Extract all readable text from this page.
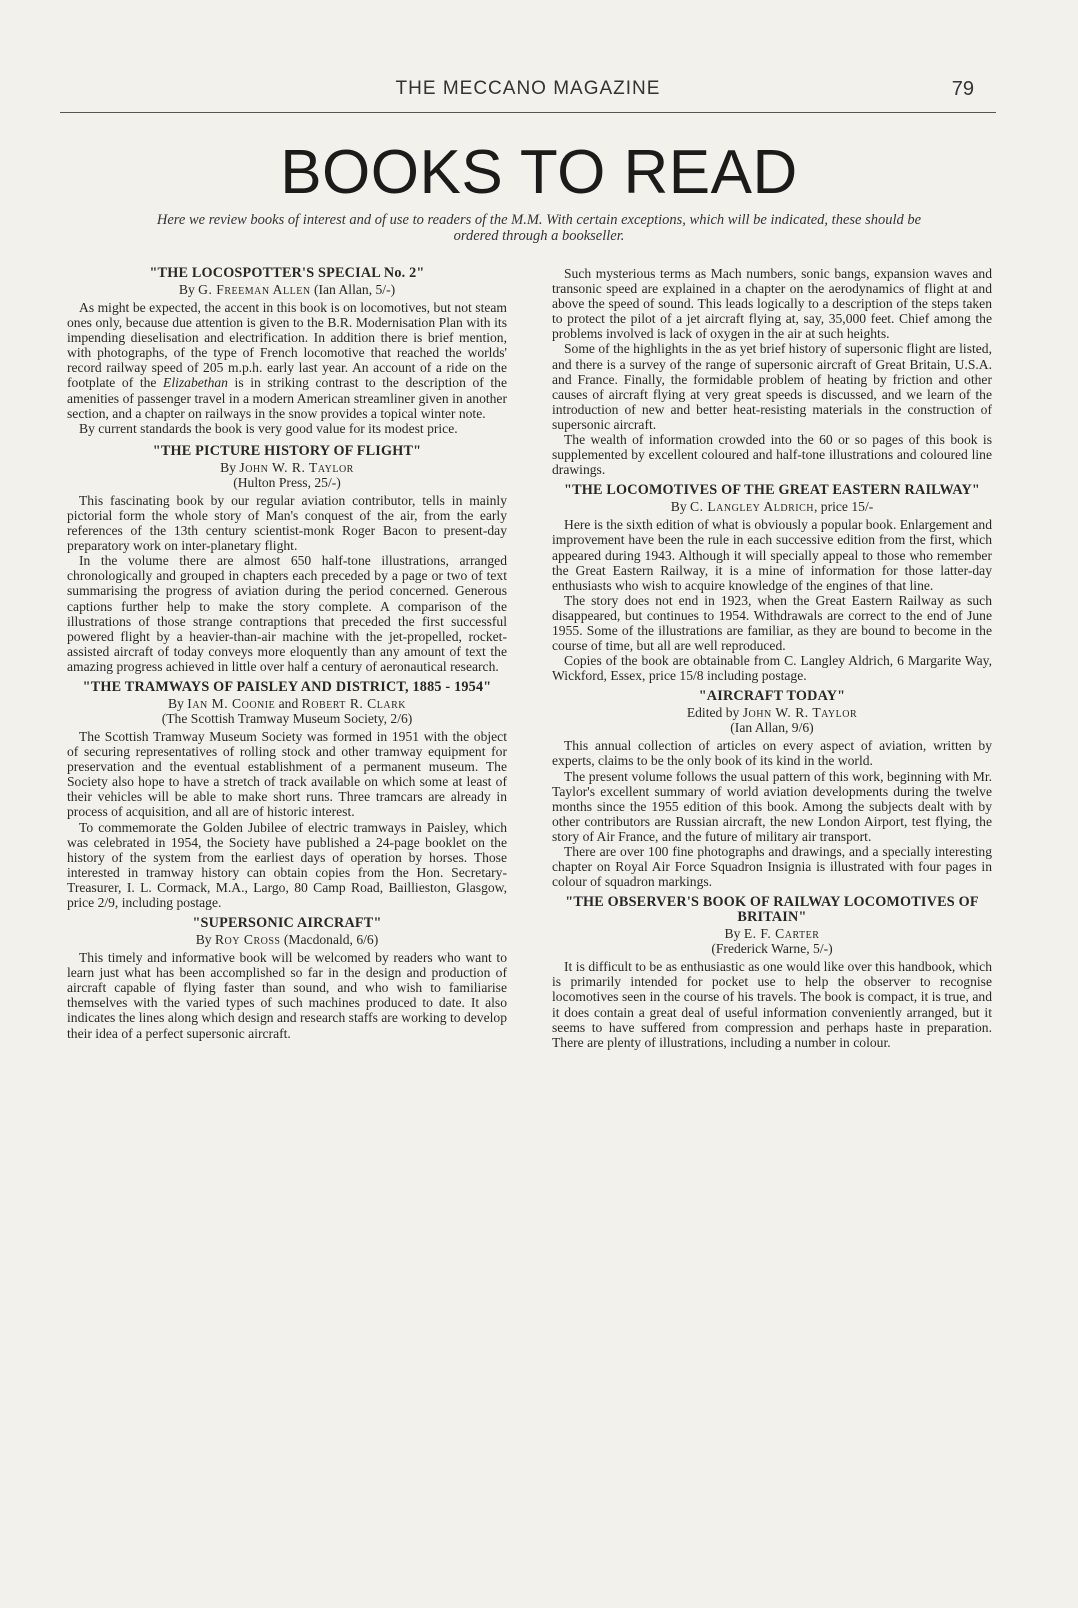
THE MECCANO MAGAZINE	79
BOOKS TO READ

Here we review books of interest and of use to readers of the M.M. With certain exceptions, which will be indicated, these should be ordered through a bookseller.

"THE LOCOSPOTTER'S SPECIAL No. 2"
By G. Freeman Allen (Ian Allan, 5/-)

As might be expected, the accent in this book is on locomotives, but not steam ones only, because due attention is given to the B.R. Modernisation Plan with its impending dieselisation and electrification. In addition there is brief mention, with photographs, of the type of French locomotive that reached the worlds' record railway speed of 205 m.p.h. early last year. An account of a ride on the footplate of the Elizabethan is in striking contrast to the description of the amenities of passenger travel in a modern American streamliner given in another section, and a chapter on railways in the snow provides a topical winter note.

By current standards the book is very good value for its modest price.

"THE PICTURE HISTORY OF FLIGHT"
By John W. R. Taylor
(Hulton Press, 25/-)

This fascinating book by our regular aviation contributor, tells in mainly pictorial form the whole story of Man's conquest of the air, from the early references of the 13th century scientist-monk Roger Bacon to present-day preparatory work on inter-planetary flight.

In the volume there are almost 650 half-tone illustrations, arranged chronologically and grouped in chapters each preceded by a page or two of text summarising the progress of aviation during the period concerned. Generous captions further help to make the story complete. A comparison of the illustrations of those strange contraptions that preceded the first successful powered flight by a heavier-than-air machine with the jet-propelled, rocket-assisted aircraft of today conveys more eloquently than any amount of text the amazing progress achieved in little over half a century of aeronautical research.

"THE TRAMWAYS OF PAISLEY AND DISTRICT, 1885 - 1954"
By Ian M. Coonie and Robert R. Clark
(The Scottish Tramway Museum Society, 2/6)

The Scottish Tramway Museum Society was formed in 1951 with the object of securing representatives of rolling stock and other tramway equipment for preservation and the eventual establishment of a permanent museum. The Society also hope to have a stretch of track available on which some at least of their vehicles will be able to make short runs. Three tramcars are already in process of acquisition, and all are of historic interest.

To commemorate the Golden Jubilee of electric tramways in Paisley, which was celebrated in 1954, the Society have published a 24-page booklet on the history of the system from the earliest days of operation by horses. Those interested in tramway history can obtain copies from the Hon. Secretary-Treasurer, I. L. Cormack, M.A., Largo, 80 Camp Road, Baillieston, Glasgow, price 2/9, including postage.

"SUPERSONIC AIRCRAFT"
By Roy Cross (Macdonald, 6/6)

This timely and informative book will be welcomed by readers who want to learn just what has been accomplished so far in the design and production of aircraft capable of flying faster than sound, and who wish to familiarise themselves with the varied types of such machines produced to date. It also indicates the lines along which design and research staffs are working to develop their idea of a perfect supersonic aircraft.

Such mysterious terms as Mach numbers, sonic bangs, expansion waves and transonic speed are explained in a chapter on the aerodynamics of flight at and above the speed of sound. This leads logically to a description of the steps taken to protect the pilot of a jet aircraft flying at, say, 35,000 feet. Chief among the problems involved is lack of oxygen in the air at such heights.

Some of the highlights in the as yet brief history of supersonic flight are listed, and there is a survey of the range of supersonic aircraft of Great Britain, U.S.A. and France. Finally, the formidable problem of heating by friction and other causes of aircraft flying at very great speeds is discussed, and we learn of the introduction of new and better heat-resisting materials in the construction of supersonic aircraft.

The wealth of information crowded into the 60 or so pages of this book is supplemented by excellent coloured and half-tone illustrations and coloured line drawings.

"THE LOCOMOTIVES OF THE GREAT EASTERN RAILWAY"
By C. Langley Aldrich, price 15/-

Here is the sixth edition of what is obviously a popular book. Enlargement and improvement have been the rule in each successive edition from the first, which appeared during 1943. Although it will specially appeal to those who remember the Great Eastern Railway, it is a mine of information for those latter-day enthusiasts who wish to acquire knowledge of the engines of that line.

The story does not end in 1923, when the Great Eastern Railway as such disappeared, but continues to 1954. Withdrawals are correct to the end of June 1955. Some of the illustrations are familiar, as they are bound to become in the course of time, but all are well reproduced.

Copies of the book are obtainable from C. Langley Aldrich, 6 Margarite Way, Wickford, Essex, price 15/8 including postage.

"AIRCRAFT TODAY"
Edited by John W. R. Taylor
(Ian Allan, 9/6)

This annual collection of articles on every aspect of aviation, written by experts, claims to be the only book of its kind in the world.

The present volume follows the usual pattern of this work, beginning with Mr. Taylor's excellent summary of world aviation developments during the twelve months since the 1955 edition of this book. Among the subjects dealt with by other contributors are Russian aircraft, the new London Airport, test flying, the story of Air France, and the future of military air transport.

There are over 100 fine photographs and drawings, and a specially interesting chapter on Royal Air Force Squadron Insignia is illustrated with four pages in colour of squadron markings.

"THE OBSERVER'S BOOK OF RAILWAY LOCOMOTIVES OF BRITAIN"
By E. F. Carter
(Frederick Warne, 5/-)

It is difficult to be as enthusiastic as one would like over this handbook, which is primarily intended for pocket use to help the observer to recognise locomotives seen in the course of his travels. The book is compact, it is true, and it does contain a great deal of useful information conveniently arranged, but it seems to have suffered from compression and perhaps haste in preparation. There are plenty of illustrations, including a number in colour.
